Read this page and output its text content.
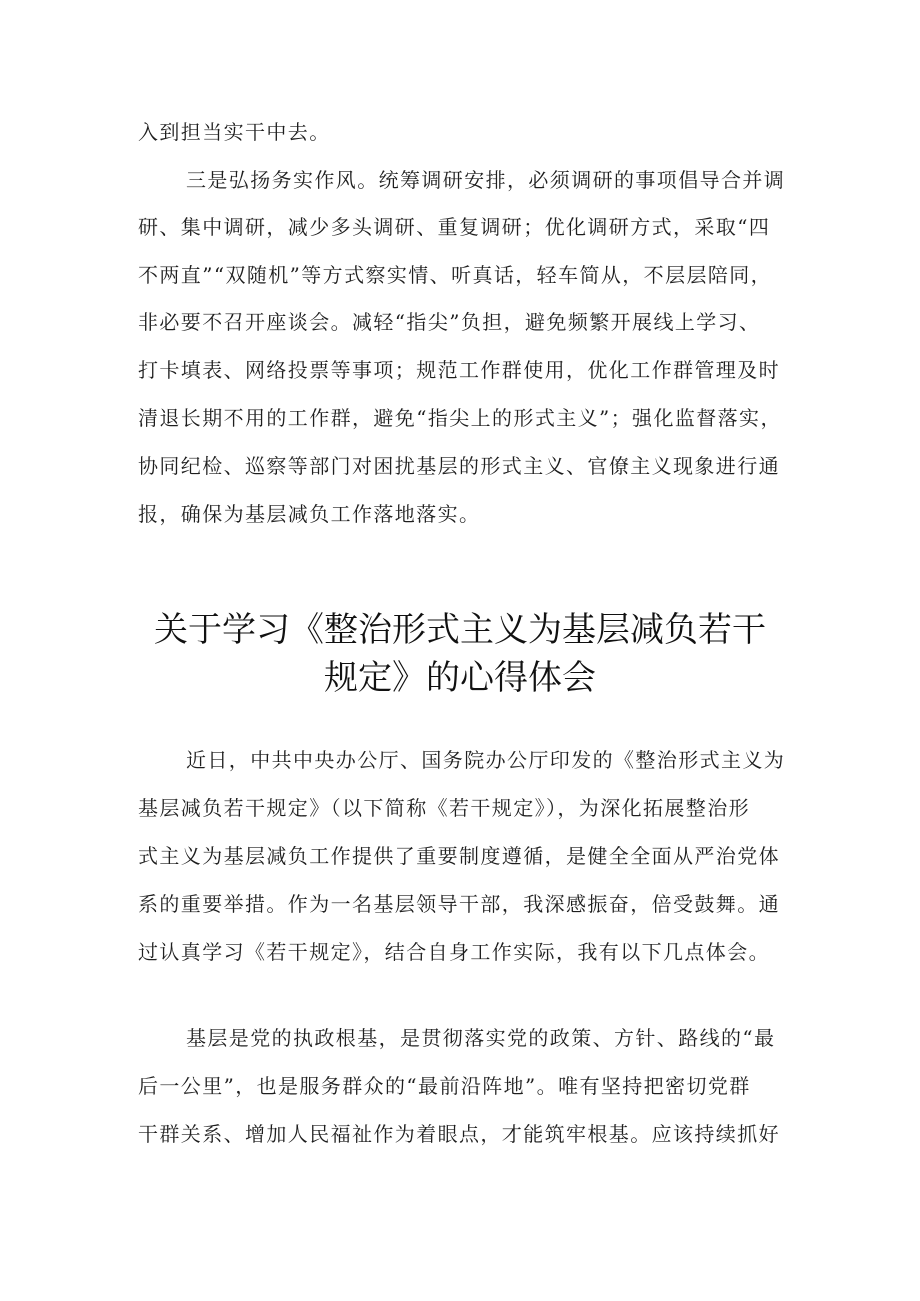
入到担当实干中去。
三是弘扬务实作风。统筹调研安排，必须调研的事项倡导合并调
研、集中调研，减少多头调研、重复调研；优化调研方式，采取“四
不两直”“双随机”等方式察实情、听真话，轻车简从，不层层陪同，
非必要不召开座谈会。减轻“指尖”负担，避免频繁开展线上学习、
打卡填表、网络投票等事项；规范工作群使用，优化工作群管理及时
清退长期不用的工作群，避免“指尖上的形式主义”；强化监督落实，
协同纪检、巡察等部门对困扰基层的形式主义、官僚主义现象进行通
报，确保为基层减负工作落地落实。
关于学习《整治形式主义为基层减负若干
规定》的心得体会
近日，中共中央办公厅、国务院办公厅印发的《整治形式主义为
基层减负若干规定》（以下简称《若干规定》），为深化拓展整治形
式主义为基层减负工作提供了重要制度遵循，是健全全面从严治党体
系的重要举措。作为一名基层领导干部，我深感振奋，倍受鼓舞。通
过认真学习《若干规定》，结合自身工作实际，我有以下几点体会。
基层是党的执政根基，是贯彻落实党的政策、方针、路线的“最
后一公里”，也是服务群众的“最前沿阵地”。唯有坚持把密切党群
干群关系、增加人民福祉作为着眼点，才能筑牢根基。应该持续抓好
